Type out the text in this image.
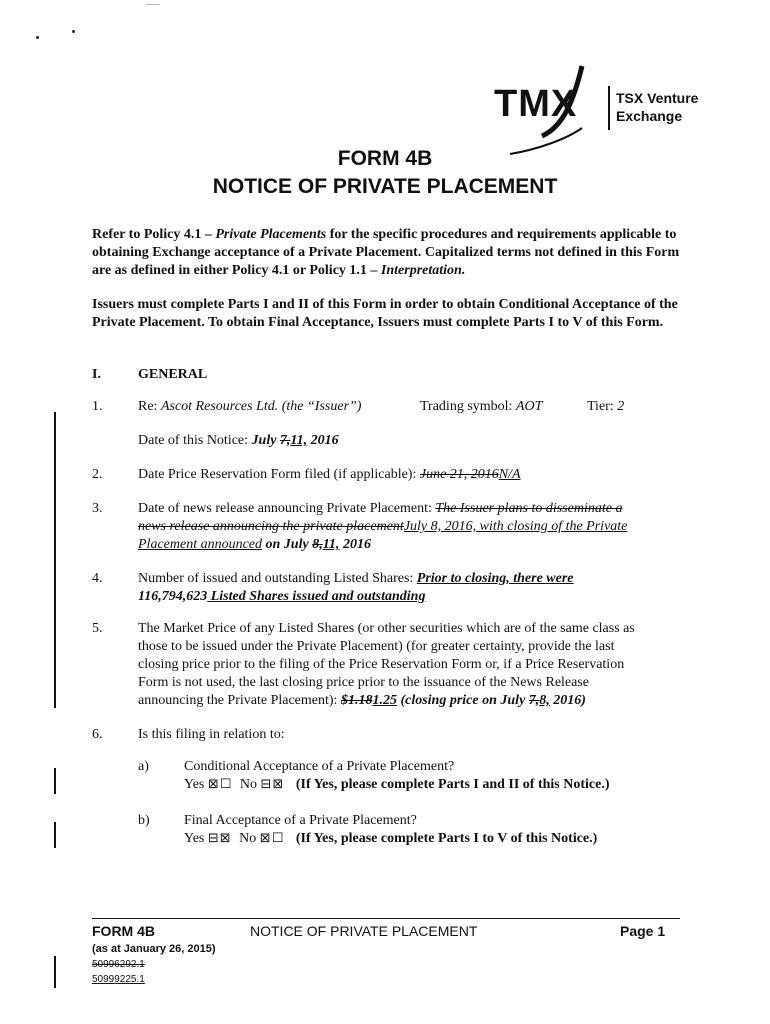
TMX	TSX Venture
Exchange
FORM 4B
NOTICE OF PRIVATE PLACEMENT
Refer to Policy 4.1 – Private Placements for the specific procedures and requirements applicable to obtaining Exchange acceptance of a Private Placement. Capitalized terms not defined in this Form are as defined in either Policy 4.1 or Policy 1.1 – Interpretation.
Issuers must complete Parts I and II of this Form in order to obtain Conditional Acceptance of the Private Placement. To obtain Final Acceptance, Issuers must complete Parts I to V of this Form.
I.	GENERAL
1.	Re: Ascot Resources Ltd. (the “Issuer”)	Trading symbol: AOT	Tier: 2
Date of this Notice: July 7,11, 2016
2.	Date Price Reservation Form filed (if applicable): June 21, 2016N/A
3.	Date of news release announcing Private Placement: The Issuer plans to disseminate a
news release announcing the private placementJuly 8, 2016, with closing of the Private
Placement announced on July 8,11, 2016
4.	Number of issued and outstanding Listed Shares: Prior to closing, there were
116,794,623 Listed Shares issued and outstanding
5.	The Market Price of any Listed Shares (or other securities which are of the same class as
those to be issued under the Private Placement) (for greater certainty, provide the last
closing price prior to the filing of the Price Reservation Form or, if a Price Reservation
Form is not used, the last closing price prior to the issuance of the News Release
announcing the Private Placement): $1.181.25 (closing price on July 7,8, 2016)
6.	Is this filing in relation to:
a)	Conditional Acceptance of a Private Placement?
Yes ⊠☐ No ⊟⊠ (If Yes, please complete Parts I and II of this Notice.)
b) Final Acceptance of a Private Placement?
Yes ⊟⊠ No ⊠☐ (If Yes, please complete Parts I to V of this Notice.)
FORM 4B	NOTICE OF PRIVATE PLACEMENT	Page 1
(as at January 26, 2015)
50996292.1
50999225.1
